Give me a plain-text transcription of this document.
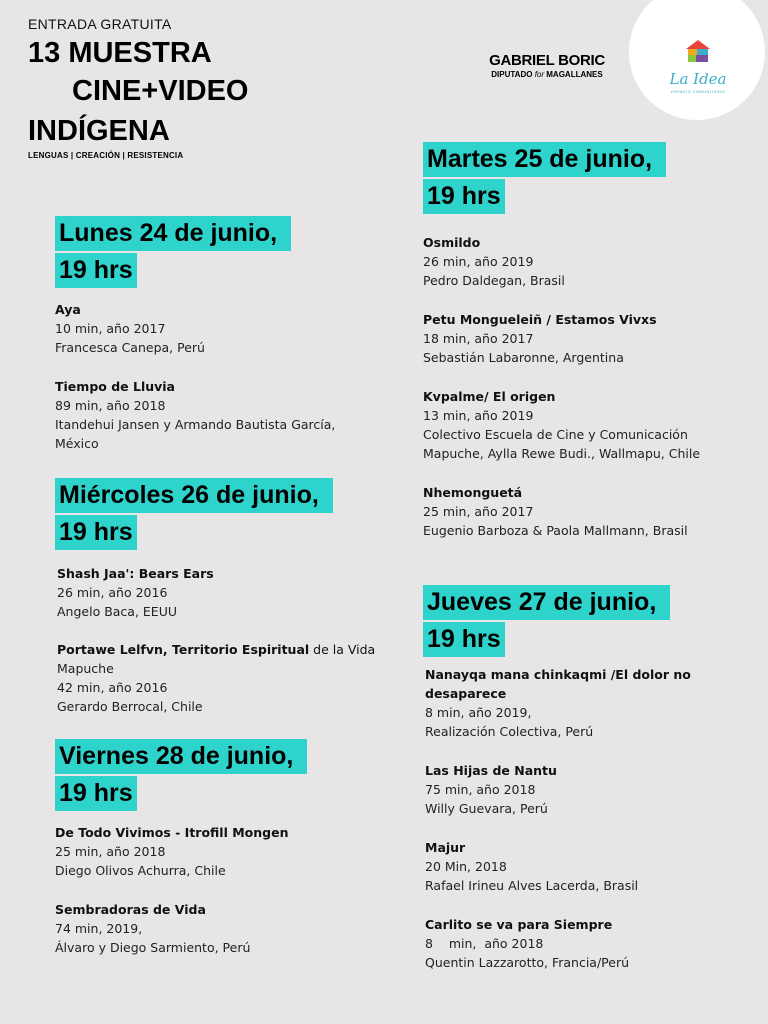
ENTRADA GRATUITA
13 MUESTRA
CINE+VIDEO
INDÍGENA
LENGUAS | CREACIÓN | RESISTENCIA
GABRIEL BORIC
DIPUTADO for MAGALLANES	La Idea
ESPACIO COMUNITARIO
Lunes 24 de junio,
19 hrs
Aya
10 min, año 2017
Francesca Canepa, Perú
Tiempo de Lluvia
89 min, año 2018
Itandehui Jansen y Armando Bautista García,
México
Miércoles 26 de junio,
19 hrs
Shash Jaa': Bears Ears
26 min, año 2016
Angelo Baca, EEUU
Portawe Lelfvn, Territorio Espiritual de la Vida
Mapuche
42 min, año 2016
Gerardo Berrocal, Chile
Viernes 28 de junio,
19 hrs
De Todo Vivimos - Itrofill Mongen
25 min, año 2018
Diego Olivos Achurra, Chile
Sembradoras de Vida
74 min, 2019,
Álvaro y Diego Sarmiento, Perú
Martes 25 de junio,
19 hrs
Osmildo
26 min, año 2019
Pedro Daldegan, Brasil
Petu Mongueleiñ / Estamos Vivxs
18 min, año 2017
Sebastián Labaronne, Argentina
Kvpalme/ El origen
13 min, año 2019
Colectivo Escuela de Cine y Comunicación
Mapuche, Aylla Rewe Budi., Wallmapu, Chile
Nhemonguetá
25 min, año 2017
Eugenio Barboza & Paola Mallmann, Brasil
Jueves 27 de junio,
19 hrs
Nanayqa mana chinkaqmi /El dolor no
desaparece
8 min, año 2019,
Realización Colectiva, Perú
Las Hijas de Nantu
75 min, año 2018
Willy Guevara, Perú
Majur
20 Min, 2018
Rafael Irineu Alves Lacerda, Brasil
Carlito se va para Siempre
8    min,  año 2018
Quentin Lazzarotto, Francia/Perú
